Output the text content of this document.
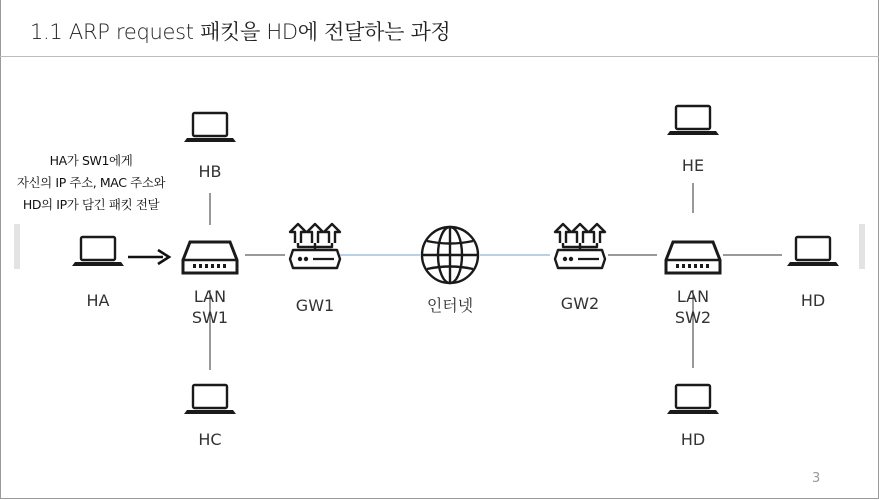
1.1 ARP request 패킷을 HD에 전달하는 과정
HA가 SW1에게
자신의 IP 주소, MAC 주소와
HD의 IP가 담긴 패킷 전달
HA
HB
HC
LAN
SW1
GW1	인터넷	GW2	LAN
SW2
HE
HD
HD
3
